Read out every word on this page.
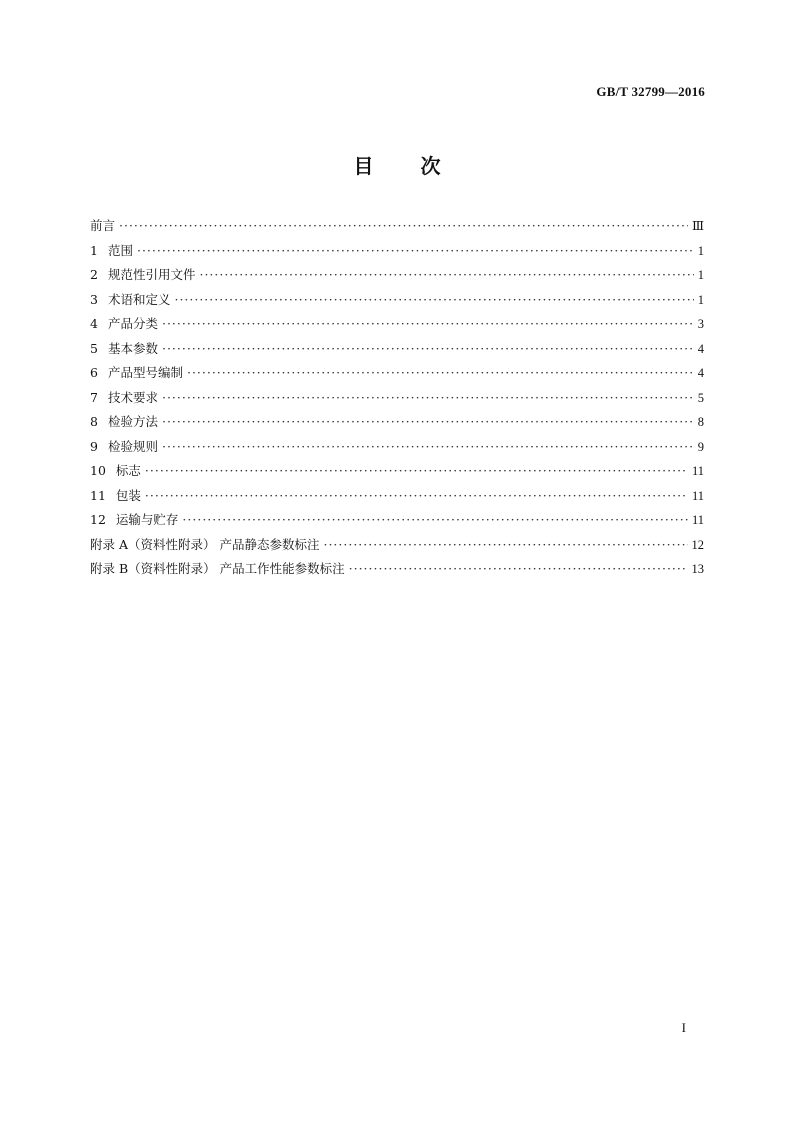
GB/T 32799—2016
目 次
前言 ·····	Ⅲ
1 范围 ·····	1
2 规范性引用文件 ·····	1
3 术语和定义 ·····	1
4 产品分类 ·····	3
5 基本参数 ·····	4
6 产品型号编制 ·····	4
7 技术要求 ·····	5
8 检验方法 ·····	8
9 检验规则 ·····	9
10 标志 ·····	11
11 包装 ·····	11
12 运输与贮存 ·····	11
附录 A（资料性附录） 产品静态参数标注 ·····	12
附录 B（资料性附录） 产品工作性能参数标注 ·····	13
I
